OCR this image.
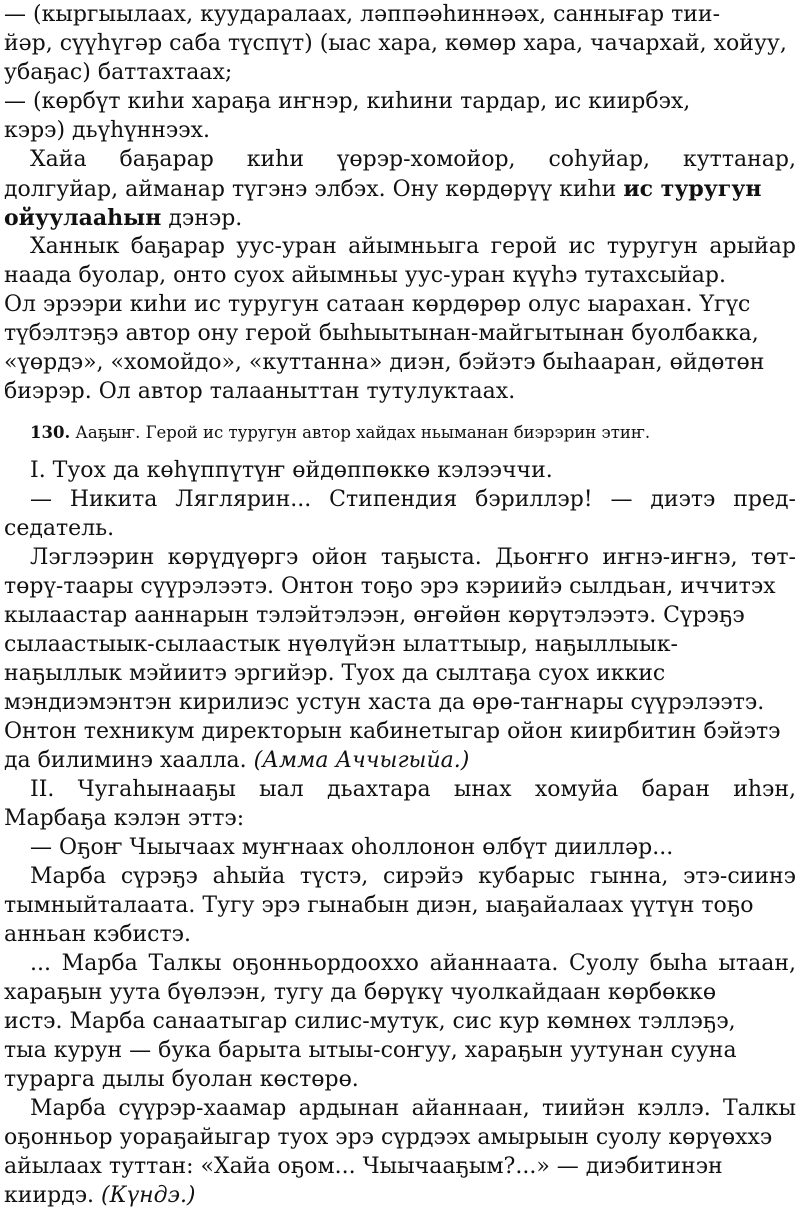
— (кыргыылаах, куударалаах, ләппәәһиннәәх, саннығар тии-
йәр, сүүһүгәр саба түспүт) (ыас хара, көмөр хара, чачархай, хойуу,
убаҕас) баттахтаах;
— (көрбүт киһи хараҕа иҥнэр, киһини тардар, ис киирбэх,
кэрэ) дьүһүннээх.
Хайа баҕарар киһи үөрэр-хомойор, соһуйар, куттанар,
долгуйар, айманар түгэнэ элбэх. Ону көрдөрүү киһи ис туругун
ойуулааһын дэнэр.
Ханнык баҕарар уус-уран айымньыга герой ис туругун арыйар
наада буолар, онто суох айымньы уус-уран күүһэ тутахсыйар.
Ол эрээри киһи ис туругун сатаан көрдөрөр олус ыарахан. Үгүс
түбэлтэҕэ автор ону герой быһыытынан-майгытынан буолбакка,
«үөрдэ», «хомойдо», «куттанна» диэн, бэйэтэ быһааран, өйдөтөн
биэрэр. Ол автор талааныттан тутулуктаах.
130. Ааҕыҥ. Герой ис туругун автор хайдах ньыманан биэрэрин этиҥ.
I. Туох да көһүппүтүҥ өйдөппөккө кэлээччи.
— Никита Ляглярин... Стипендия бэриллэр! — диэтэ пред-
седатель.
Лэглээрин көрүдүөргэ ойон таҕыста. Дьоҥҥо иҥнэ-иҥнэ, төт-
төрү-таары сүүрэлээтэ. Онтон тоҕо эрэ кэриийэ сылдьан, иччитэх
кылаастар ааннарын тэлэйтэлээн, өҥөйөн көрүтэлээтэ. Сүрэҕэ
сылаастыык-сылаастык нүөлүйэн ылаттыыр, наҕыллыык-
наҕыллык мэйиитэ эргийэр. Туох да сылтаҕа суох иккис
мэндиэмэнтэн кирилиэс устун хаста да өрө-таҥнары сүүрэлээтэ.
Онтон техникум директорын кабинетыгар ойон киирбитин бэйэтэ
да билиминэ хаалла. (Амма Аччыгыйа.)
II. Чугаһынааҕы ыал дьахтара ынах хомуйа баран иһэн,
Марбаҕа кэлэн эттэ:
— Оҕоҥ Чыычаах муҥнаах оһоллонон өлбүт диилләр...
Марба сүрэҕэ аһыйа түстэ, сирэйэ кубарыс гынна, этэ-сиинэ
тымныйталаата. Тугу эрэ гынабын диэн, ыаҕайалаах үүтүн тоҕо
анньан кэбистэ.
... Марба Талкы оҕонньордооххо айаннаата. Суолу быһа ытаан,
хараҕын уута бүөлээн, тугу да бөрүкү чуолкайдаан көрбөккө
истэ. Марба санаатыгар силис-мутук, сис кур көмнөх тэллэҕэ,
тыа курун — бука барыта ытыы-соҥуу, хараҕын уутунан сууна
турарга дылы буолан көстөрө.
Марба сүүрэр-хаамар ардынан айаннаан, тиийэн кэллэ. Талкы
оҕонньор уораҕайыгар туох эрэ сүрдээх амырыын суолу көрүөххэ
айылаах туттан: «Хайа оҕом... Чыычааҕым?...» — диэбитинэн
киирдэ. (Күндэ.)
